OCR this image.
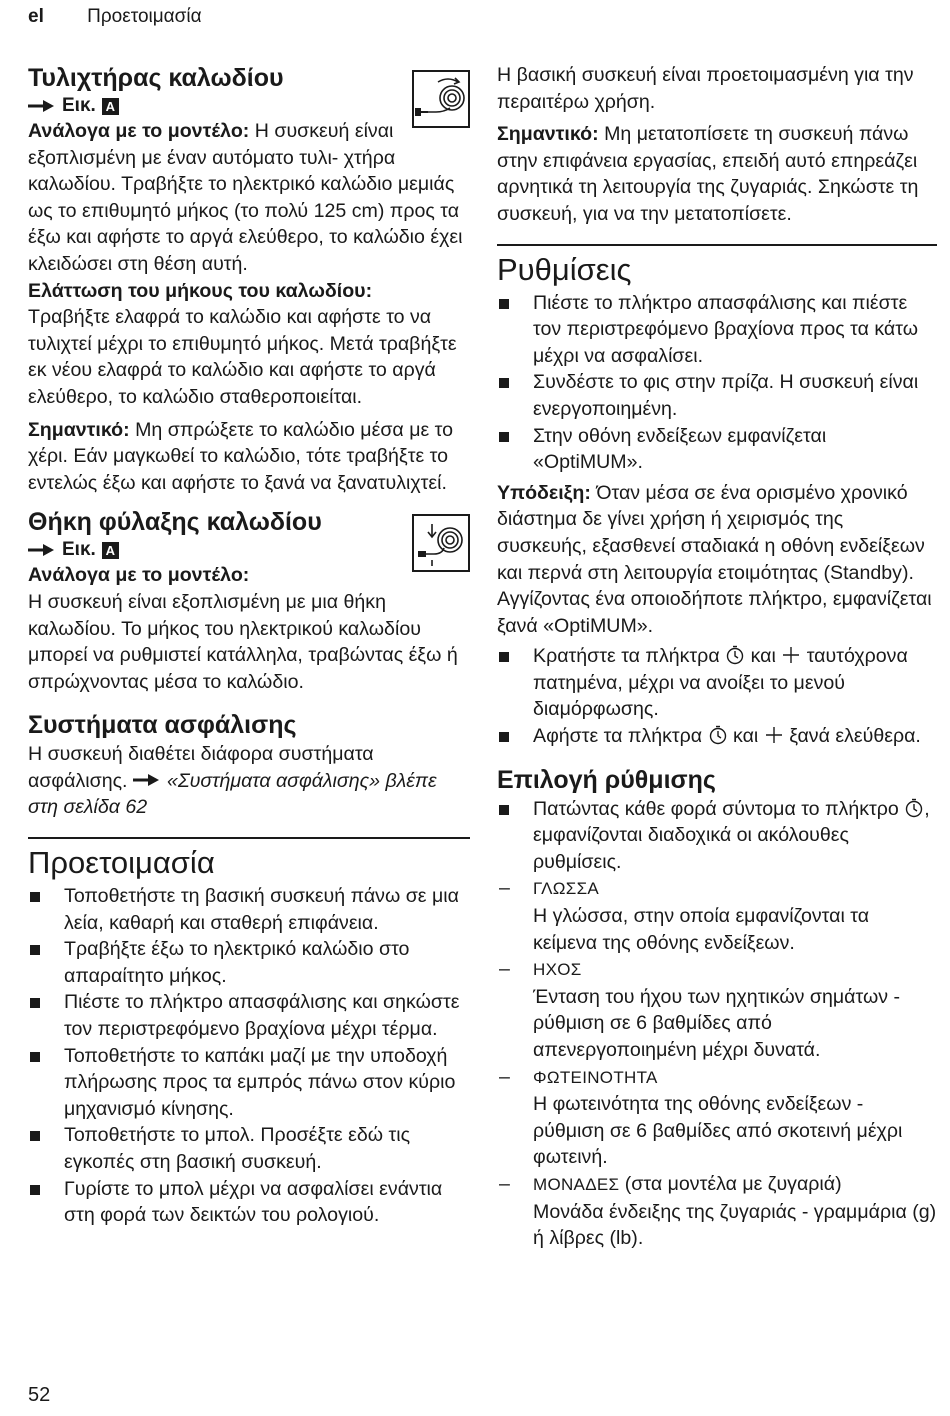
el Προετοιμασία
Τυλιχτήρας καλωδίου
Εικ. A

Ανάλογα με το μοντέλο: Η συσκευή είναι εξοπλισμένη με έναν αυτόματο τυλι- χτήρα καλωδίου. Τραβήξτε το ηλεκτρικό καλώδιο μεμιάς ως το επιθυμητό μήκος (το πολύ 125 cm) προς τα έξω και αφήστε το αργά ελεύθερο, το καλώδιο έχει κλειδώσει στη θέση αυτή.

Ελάττωση του μήκους του καλωδίου:

Τραβήξτε ελαφρά το καλώδιο και αφήστε το να τυλιχτεί μέχρι το επιθυμητό μήκος. Μετά τραβήξτε εκ νέου ελαφρά το καλώδιο και αφήστε το αργά ελεύθερο, το καλώδιο σταθεροποιείται.

Σημαντικό: Μη σπρώξετε το καλώδιο μέσα με το χέρι. Εάν μαγκωθεί το καλώδιο, τότε τραβήξτε το εντελώς έξω και αφήστε το ξανά να ξανατυλιχτεί.

Θήκη φύλαξης καλωδίου
Εικ. A

Ανάλογα με το μοντέλο:

Η συσκευή είναι εξοπλισμένη με μια θήκη καλωδίου. Το μήκος του ηλεκτρικού καλωδίου μπορεί να ρυθμιστεί κατάλληλα, τραβώντας έξω ή σπρώχνοντας μέσα το καλώδιο.

Συστήματα ασφάλισης

Η συσκευή διαθέτει διάφορα συστήματα ασφάλισης. «Συστήματα ασφάλισης» βλέπε στη σελίδα 62

Προετοιμασία
Τοποθετήστε τη βασική συσκευή πάνω σε μια λεία, καθαρή και σταθερή επιφάνεια.
Τραβήξτε έξω το ηλεκτρικό καλώδιο στο απαραίτητο μήκος.
Πιέστε το πλήκτρο απασφάλισης και σηκώστε τον περιστρεφόμενο βραχίονα μέχρι τέρμα.
Τοποθετήστε το καπάκι μαζί με την υποδοχή πλήρωσης προς τα εμπρός πάνω στον κύριο μηχανισμό κίνησης.
Τοποθετήστε το μπολ. Προσέξτε εδώ τις εγκοπές στη βασική συσκευή.
Γυρίστε το μπολ μέχρι να ασφαλίσει ενάντια στη φορά των δεικτών του ρολογιού.

Η βασική συσκευή είναι προετοιμασμένη για την περαιτέρω χρήση.

Σημαντικό: Μη μετατοπίσετε τη συσκευή πάνω στην επιφάνεια εργασίας, επειδή αυτό επηρεάζει αρνητικά τη λειτουργία της ζυγαριάς. Σηκώστε τη συσκευή, για να την μετατοπίσετε.

Ρυθμίσεις
Πιέστε το πλήκτρο απασφάλισης και πιέστε τον περιστρεφόμενο βραχίονα προς τα κάτω μέχρι να ασφαλίσει.
Συνδέστε το φις στην πρίζα. Η συσκευή είναι ενεργοποιημένη.
Στην οθόνη ενδείξεων εμφανίζεται «OptiMUM».

Υπόδειξη: Όταν μέσα σε ένα ορισμένο χρονικό διάστημα δε γίνει χρήση ή χειρισμός της συσκευής, εξασθενεί σταδιακά η οθόνη ενδείξεων και περνά στη λειτουργία ετοιμότητας (Standby). Αγγίζοντας ένα οποιοδήποτε πλήκτρο, εμφανίζεται ξανά «OptiMUM».

Κρατήστε τα πλήκτρα και ταυτόχρονα πατημένα, μέχρι να ανοίξει το μενού διαμόρφωσης.
Αφήστε τα πλήκτρα και ξανά ελεύθερα.
Επιλογή ρύθμισης
Πατώντας κάθε φορά σύντομα το πλήκτρο , εμφανίζονται διαδοχικά οι ακόλουθες ρυθμίσεις.
– ΓΛΩΣΣΑ
Η γλώσσα, στην οποία εμφανίζονται τα κείμενα της οθόνης ενδείξεων.
– ΗΧΟΣ
Ένταση του ήχου των ηχητικών σημάτων - ρύθμιση σε 6 βαθμίδες από απενεργοποιημένη μέχρι δυνατά.
– ΦΩΤΕΙΝΟΤΗΤΑ
Η φωτεινότητα της οθόνης ενδείξεων - ρύθμιση σε 6 βαθμίδες από σκοτεινή μέχρι φωτεινή.
– ΜΟΝΑΔΕΣ (στα μοντέλα με ζυγαριά)
Μονάδα ένδειξης της ζυγαριάς - γραμμάρια (g) ή λίβρες (lb).
52
